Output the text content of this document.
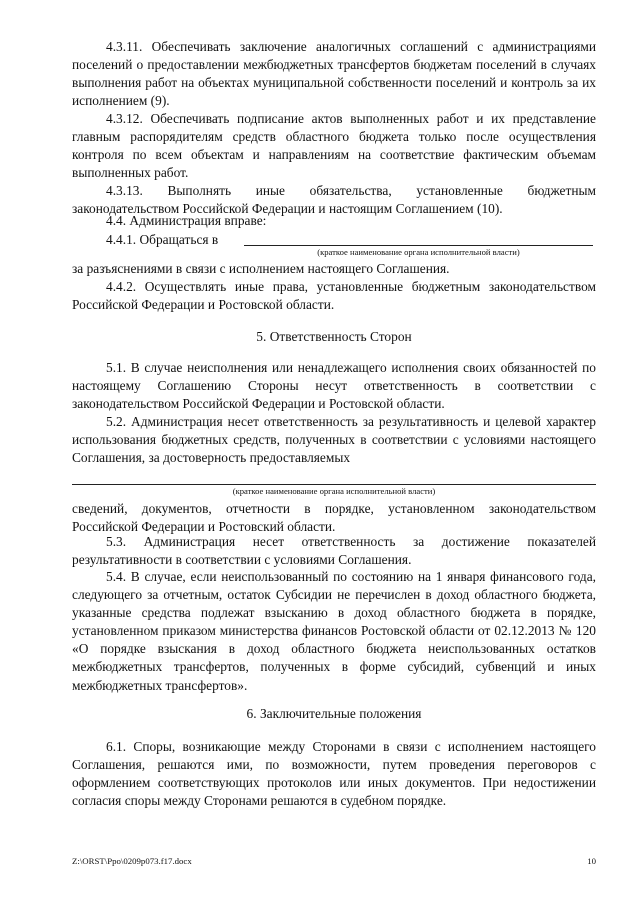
4.3.11. Обеспечивать заключение аналогичных соглашений с администрациями поселений о предоставлении межбюджетных трансфертов бюджетам поселений в случаях выполнения работ на объектах муниципальной собственности поселений и контроль за их исполнением (9).

4.3.12. Обеспечивать подписание актов выполненных работ и их представление главным распорядителям средств областного бюджета только после осуществления контроля по всем объектам и направлениям на соответствие фактическим объемам выполненных работ.

4.3.13. Выполнять иные обязательства, установленные бюджетным законодательством Российской Федерации и настоящим Соглашением (10).

4.4. Администрация вправе:

4.4.1. Обращаться в
(краткое наименование органа исполнительной власти)

за разъяснениями в связи с исполнением настоящего Соглашения.

4.4.2. Осуществлять иные права, установленные бюджетным законодательством Российской Федерации и Ростовской области.

5. Ответственность Сторон

5.1. В случае неисполнения или ненадлежащего исполнения своих обязанностей по настоящему Соглашению Стороны несут ответственность в соответствии с законодательством Российской Федерации и Ростовской области.

5.2. Администрация несет ответственность за результативность и целевой характер использования бюджетных средств, полученных в соответствии с условиями настоящего Соглашения, за достоверность предоставляемых

(краткое наименование органа исполнительной власти)

сведений, документов, отчетности в порядке, установленном законодательством Российской Федерации и Ростовский области.

5.3. Администрация несет ответственность за достижение показателей результативности в соответствии с условиями Соглашения.

5.4. В случае, если неиспользованный по состоянию на 1 января финансового года, следующего за отчетным, остаток Субсидии не перечислен в доход областного бюджета, указанные средства подлежат взысканию в доход областного бюджета в порядке, установленном приказом министерства финансов Ростовской области от 02.12.2013 № 120 «О порядке взыскания в доход областного бюджета неиспользованных остатков межбюджетных трансфертов, полученных в форме субсидий, субвенций и иных межбюджетных трансфертов».

6. Заключительные положения

6.1. Споры, возникающие между Сторонами в связи с исполнением настоящего Соглашения, решаются ими, по возможности, путем проведения переговоров с оформлением соответствующих протоколов или иных документов. При недостижении согласия споры между Сторонами решаются в судебном порядке.

Z:\ORST\Ppo\0209p073.f17.docx	10
